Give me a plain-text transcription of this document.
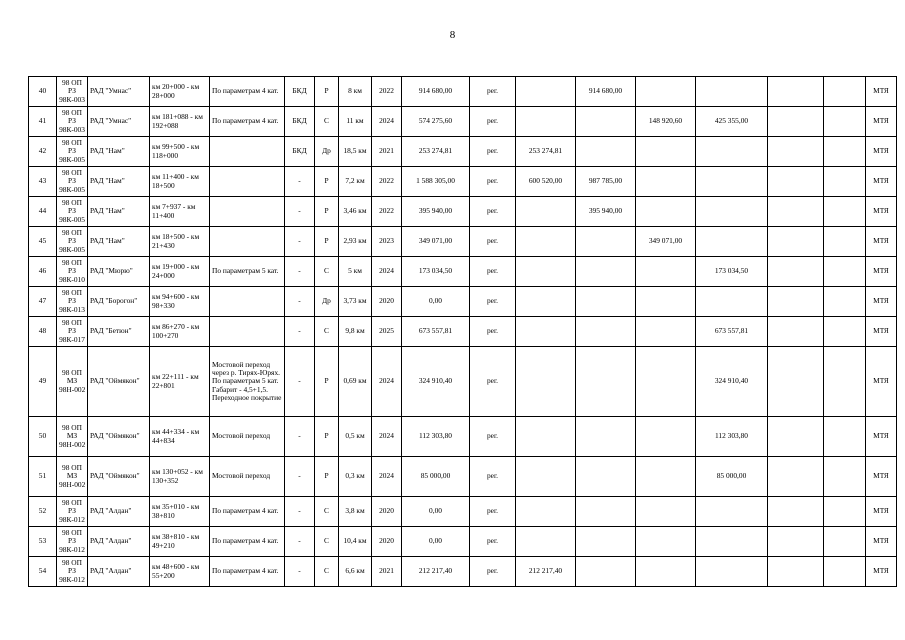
8
40	98 ОП РЗ 98К-003	РАД "Умнас"	км 20+000 - км 28+000	По параметрам 4 кат.	БКД	Р	8 км	2022	914 680,00	рег.		914 680,00					МТЯ
41	98 ОП РЗ 98К-003	РАД "Умнас"	км 181+088 - км 192+088	По параметрам 4 кат.	БКД	С	11 км	2024	574 275,60	рег.			148 920,60	425 355,00			МТЯ
42	98 ОП РЗ 98К-005	РАД "Нам"	км 99+500 - км 118+000		БКД	Др	18,5 км	2021	253 274,81	рег.	253 274,81						МТЯ
43	98 ОП РЗ 98К-005	РАД "Нам"	км 11+400 - км 18+500		-	Р	7,2 км	2022	1 588 305,00	рег.	600 520,00	987 785,00					МТЯ
44	98 ОП РЗ 98К-005	РАД "Нам"	км 7+937 - км 11+400		-	Р	3,46 км	2022	395 940,00	рег.		395 940,00					МТЯ
45	98 ОП РЗ 98К-005	РАД "Нам"	км 18+500 - км 21+430		-	Р	2,93 км	2023	349 071,00	рег.			349 071,00				МТЯ
46	98 ОП РЗ 98К-010	РАД "Мюрю"	км 19+000 - км 24+000	По параметрам 5 кат.	-	С	5 км	2024	173 034,50	рег.				173 034,50			МТЯ
47	98 ОП РЗ 98К-013	РАД "Борогон"	км 94+600 - км 98+330		-	Др	3,73 км	2020	0,00	рег.							МТЯ
48	98 ОП РЗ 98К-017	РАД "Бетюн"	км 86+270 - км 100+270		-	С	9,8 км	2025	673 557,81	рег.				673 557,81			МТЯ
49	98 ОП МЗ 98Н-002	РАД "Оймякон"	км 22+111 - км 22+801	Мостовой переход через р. Тирях-Юрях. По параметрам 5 кат. Габарит - 4,5+1,5. Переходное покрытие	-	Р	0,69 км	2024	324 910,40	рег.				324 910,40			МТЯ
50	98 ОП МЗ 98Н-002	РАД "Оймякон"	км 44+334 - км 44+834	Мостовой переход	-	Р	0,5 км	2024	112 303,80	рег.				112 303,80			МТЯ
51	98 ОП МЗ 98Н-002	РАД "Оймякон"	км 130+052 - км 130+352	Мостовой переход	-	Р	0,3 км	2024	85 000,00	рег.				85 000,00			МТЯ
52	98 ОП РЗ 98К-012	РАД "Алдан"	км 35+010 - км 38+810	По параметрам 4 кат.	-	С	3,8 км	2020	0,00	рег.							МТЯ
53	98 ОП РЗ 98К-012	РАД "Алдан"	км 38+810 - км 49+210	По параметрам 4 кат.	-	С	10,4 км	2020	0,00	рег.							МТЯ
54	98 ОП РЗ 98К-012	РАД "Алдан"	км 48+600 - км 55+200	По параметрам 4 кат.	-	С	6,6 км	2021	212 217,40	рег.	212 217,40						МТЯ
